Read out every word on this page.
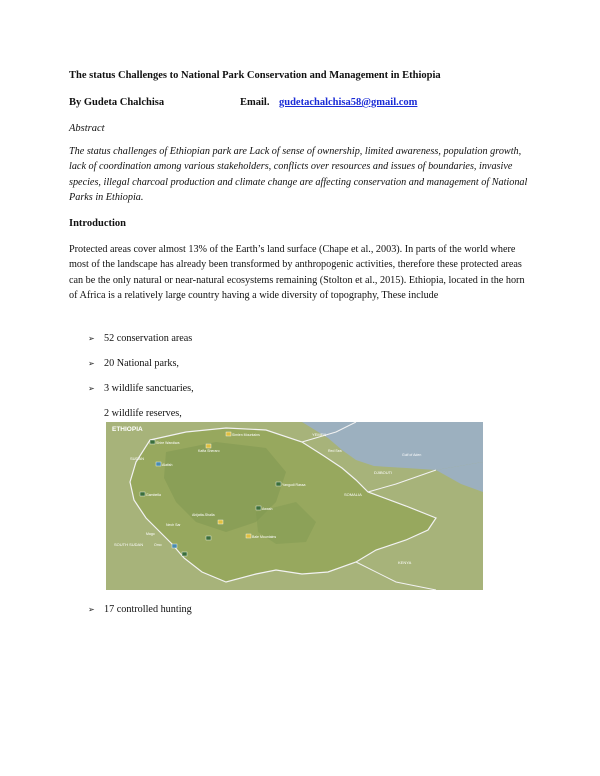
The status Challenges to National Park Conservation and Management in Ethiopia
By Gudeta Chalchisa	Email. gudetachalchisa58@gmail.com
Abstract
The status challenges of Ethiopian park are Lack of sense of ownership, limited awareness, population growth, lack of coordination among various stakeholders, conflicts over resources and issues of boundaries, invasive species, illegal charcoal production and climate change are affecting conservation and management of National Parks in Ethiopia.
Introduction
Protected areas cover almost 13% of the Earth’s land surface (Chape et al., 2003). In parts of the world where most of the landscape has already been transformed by anthropogenic activities, therefore these protected areas can be the only natural or near-natural ecosystems remaining (Stolton et al., 2015). Ethiopia, located in the horn of Africa is a relatively large country having a wide diversity of topography, These include
➢ 52 conservation areas
➢ 20 National parks,
➢ 3 wildlife sanctuaries,
2 wildlife reserves,
ETHIOPIA
SUDAN
YEMEN
DJIBOUTI
SOMALIA
SOUTH SUDAN
KENYA
Red Sea
Gulf of Aden
Shire Wandiwa
Simien Mountains
Awash
Bale Mountains
Nech Sar
Mago
Omo
Gambella
Abijatta-Shalla
Yangudi Rassa
Alatish
Kafta Sheraro
➢ 17 controlled hunting
